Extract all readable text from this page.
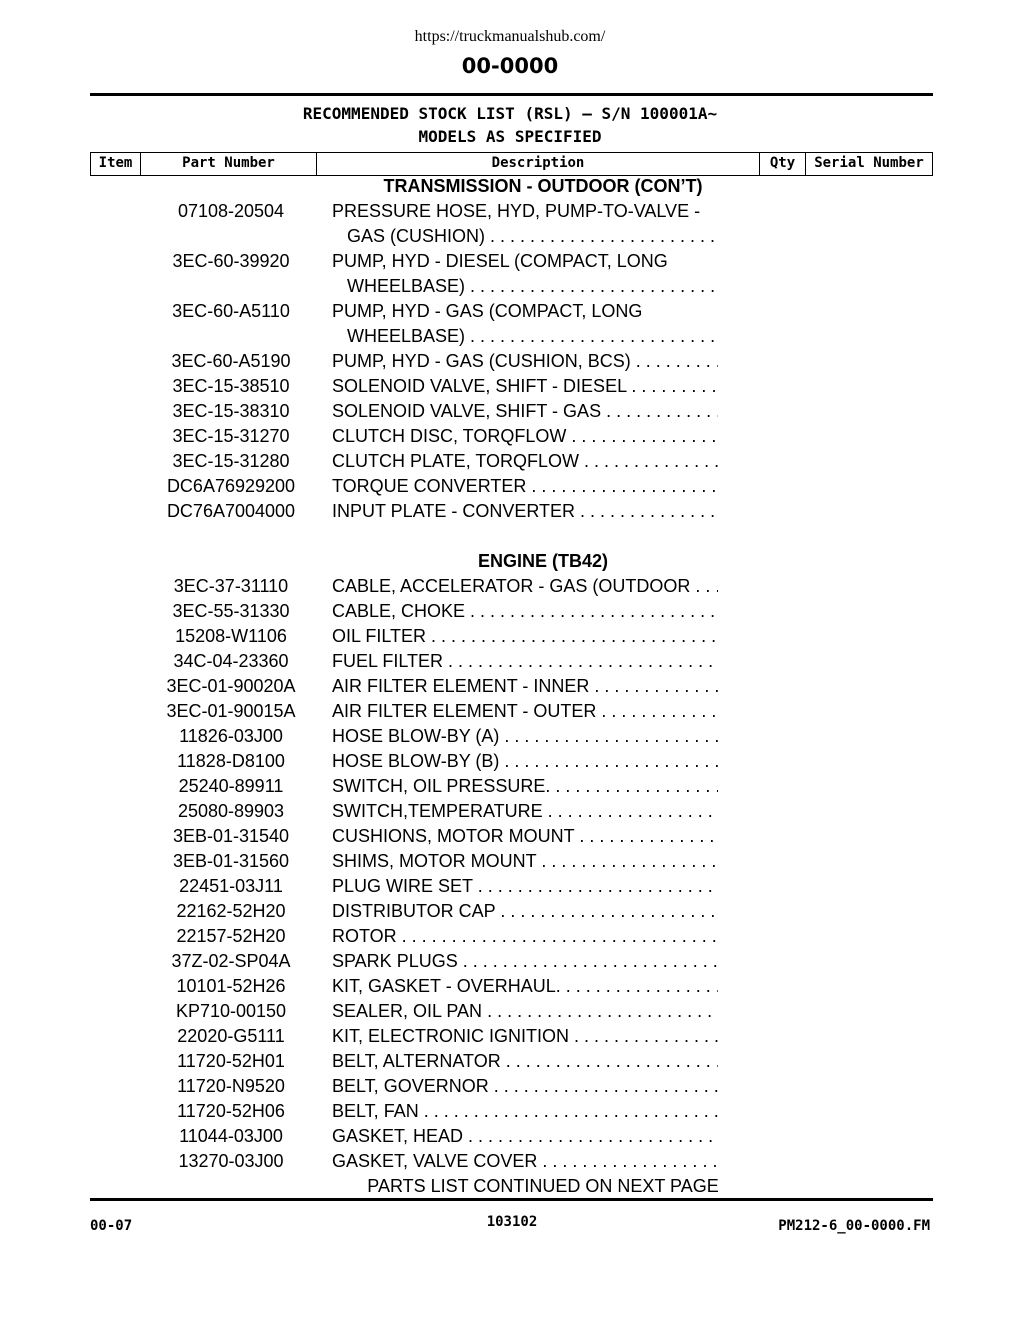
https://truckmanualshub.com/
00-0000
RECOMMENDED STOCK LIST (RSL) — S/N 100001A~
MODELS AS SPECIFIED
Item	Part Number	Description	Qty	Serial Number
TRANSMISSION - OUTDOOR (CON’T)
07108-20504	PRESSURE HOSE, HYD, PUMP-TO-VALVE -
GAS (CUSHION) . . .
3EC-60-39920	PUMP, HYD - DIESEL (COMPACT, LONG
WHEELBASE) . . .
3EC-60-A5110	PUMP, HYD - GAS (COMPACT, LONG
WHEELBASE) . . .
3EC-60-A5190	PUMP, HYD - GAS (CUSHION, BCS) . . .
3EC-15-38510	SOLENOID VALVE, SHIFT - DIESEL . . .
3EC-15-38310	SOLENOID VALVE, SHIFT - GAS . . .
3EC-15-31270	CLUTCH DISC, TORQFLOW . . .
3EC-15-31280	CLUTCH PLATE, TORQFLOW . . .
DC6A76929200	TORQUE CONVERTER . . .
DC76A7004000	INPUT PLATE - CONVERTER . . .
ENGINE (TB42)
3EC-37-31110	CABLE, ACCELERATOR - GAS (OUTDOOR . . .
3EC-55-31330	CABLE, CHOKE . . .
15208-W1106	OIL FILTER . . .
34C-04-23360	FUEL FILTER . . .
3EC-01-90020A	AIR FILTER ELEMENT - INNER . . .
3EC-01-90015A	AIR FILTER ELEMENT - OUTER . . .
11826-03J00	HOSE BLOW-BY (A) . . .
11828-D8100	HOSE BLOW-BY (B) . . .
25240-89911	SWITCH, OIL PRESSURE. . . .
25080-89903	SWITCH,TEMPERATURE . . .
3EB-01-31540	CUSHIONS, MOTOR MOUNT . . .
3EB-01-31560	SHIMS, MOTOR MOUNT . . .
22451-03J11	PLUG WIRE SET . . .
22162-52H20	DISTRIBUTOR CAP . . .
22157-52H20	ROTOR . . .
37Z-02-SP04A	SPARK PLUGS . . .
10101-52H26	KIT, GASKET - OVERHAUL. . . .
KP710-00150	SEALER, OIL PAN . . .
22020-G5111	KIT, ELECTRONIC IGNITION . . .
11720-52H01	BELT, ALTERNATOR . . .
11720-N9520	BELT, GOVERNOR . . .
11720-52H06	BELT, FAN . . .
11044-03J00	GASKET, HEAD . . .
13270-03J00	GASKET, VALVE COVER . . .
PARTS LIST CONTINUED ON NEXT PAGE
00-07	103102	PM212-6_00-0000.FM
